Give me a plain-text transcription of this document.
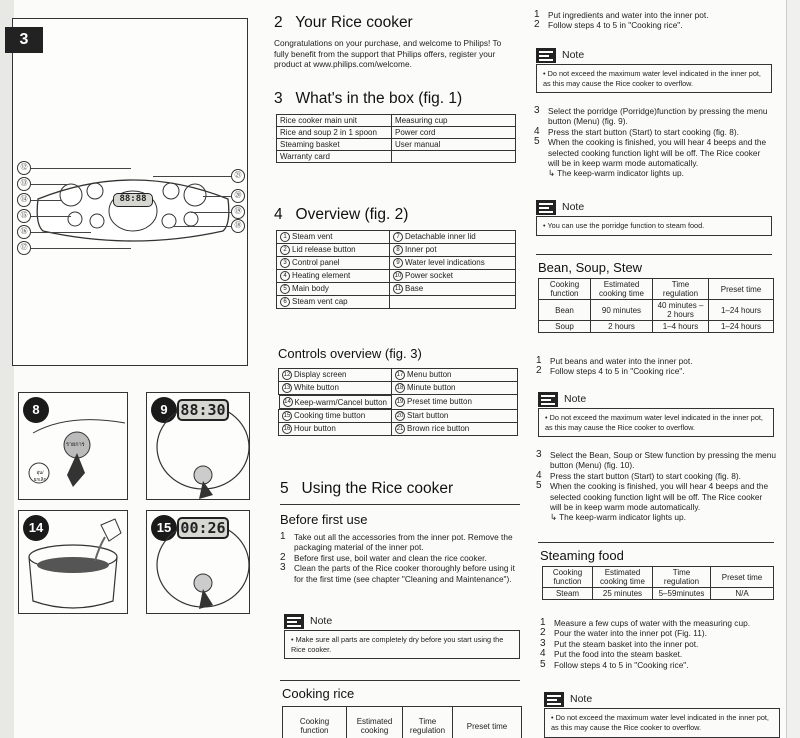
3
88:88
⑫
⑬
⑭
⑮
⑯
⑰
㉑
⑳
⑲
⑱
8
รายการ
อุ่น/ยกเลิก
9 88:30
14	15 00:26
2   Your Rice cooker
Congratulations on your purchase, and welcome to Philips! To fully benefit from the support that Philips offers, register your product at www.philips.com/welcome.
3   What's in the box (fig. 1)
Rice cooker main unit	Measuring cup
Rice and soup 2 in 1 spoon	Power cord
Steaming basket	User manual
Warranty card	
4   Overview (fig. 2)
1 Steam vent	7 Detachable inner lid
2 Lid release button	8 Inner pot
3 Control panel	9 Water level indications
4 Heating element	10 Power socket
5 Main body	11 Base
6 Steam vent cap	
Controls overview (fig. 3)
12 Display screen	17 Menu button
13 White button	18 Minute button

14 Keep-warm/Cancel button 19 Preset time button
15 Cooking time button	20 Start button
16 Hour button	21 Brown rice button
5   Using the Rice cooker
Before first use
1 Take out all the accessories from the inner pot. Remove the packaging material of the inner pot.
2 Before first use, boil water and clean the rice cooker.
3 Clean the parts of the Rice cooker thoroughly before using it for the first time (see chapter "Cleaning and Maintenance").
Note
• Make sure all parts are completely dry before you start using the Rice cooker.
Cooking rice
Cooking function	Estimated cooking	Time regulation	Preset time
1 Put ingredients and water into the inner pot.
2 Follow steps 4 to 5 in "Cooking rice".
Note
• Do not exceed the maximum water level indicated in the inner pot, as this may cause the Rice cooker to overflow.
3 Select the porridge (Porridge)function by pressing the menu button (Menu) (fig. 9).
4 Press the start button (Start) to start cooking (fig. 8).
5 When the cooking is finished, you will hear 4 beeps and the selected cooking function light will be off. The Rice cooker will be in keep warm mode automatically.
↳ The keep-warm indicator lights up.
Note
• You can use the porridge function to steam food.
Bean, Soup, Stew
Cooking function	Estimated cooking time	Time regulation	Preset time
Bean	90 minutes	40 minutes –2 hours	1–24 hours
Soup	2 hours	1–4 hours	1–24 hours
1 Put beans and water into the inner pot.
2 Follow steps 4 to 5 in "Cooking rice".
Note
• Do not exceed the maximum water level indicated in the inner pot, as this may cause the Rice cooker to overflow.
3 Select the Bean, Soup or Stew function by pressing the menu button (Menu) (fig. 10).
4 Press the start button (Start) to start cooking (fig. 8).
5 When the cooking is finished, you will hear 4 beeps and the selected cooking function light will be off. The Rice cooker will be in keep warm mode automatically.
↳ The keep-warm indicator lights up.
Steaming food
Cooking function	Estimated cooking time	Time regulation	Preset time
Steam	25 minutes	5–59minutes	N/A
1 Measure a few cups of water with the measuring cup.
2 Pour the water into the inner pot (Fig. 11).
3 Put the steam basket into the inner pot.
4 Put the food into the steam basket.
5 Follow steps 4 to 5 in "Cooking rice".
Note
• Do not exceed the maximum water level indicated in the inner pot, as this may cause the Rice cooker to overflow.
